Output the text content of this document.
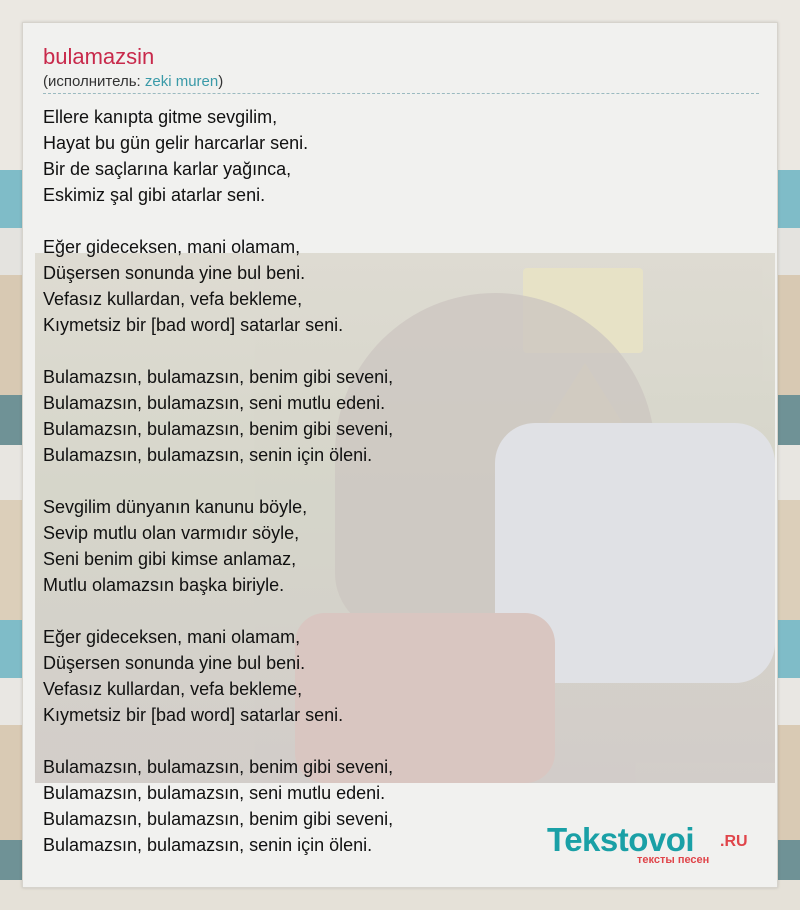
bulamazsin
(исполнитель: zeki muren)
Ellere kanıpta gitme sevgilim,
Hayat bu gün gelir harcarlar seni.
Bir de saçlarına karlar yağınca,
Eskimiz şal gibi atarlar seni.
Eğer gideceksen, mani olamam,
Düşersen sonunda yine bul beni.
Vefasız kullardan, vefa bekleme,
Kıymetsiz bir [bad word] satarlar seni.
Bulamazsın, bulamazsın, benim gibi seveni,
Bulamazsın, bulamazsın, seni mutlu edeni.
Bulamazsın, bulamazsın, benim gibi seveni,
Bulamazsın, bulamazsın, senin için öleni.
Sevgilim dünyanın kanunu böyle,
Sevip mutlu olan varmıdır söyle,
Seni benim gibi kimse anlamaz,
Mutlu olamazsın başka biriyle.
Eğer gideceksen, mani olamam,
Düşersen sonunda yine bul beni.
Vefasız kullardan, vefa bekleme,
Kıymetsiz bir [bad word] satarlar seni.
Bulamazsın, bulamazsın, benim gibi seveni,
Bulamazsın, bulamazsın, seni mutlu edeni.
Bulamazsın, bulamazsın, benim gibi seveni,
Bulamazsın, bulamazsın, senin için öleni.	Tekstovoi .RU
тексты песен
